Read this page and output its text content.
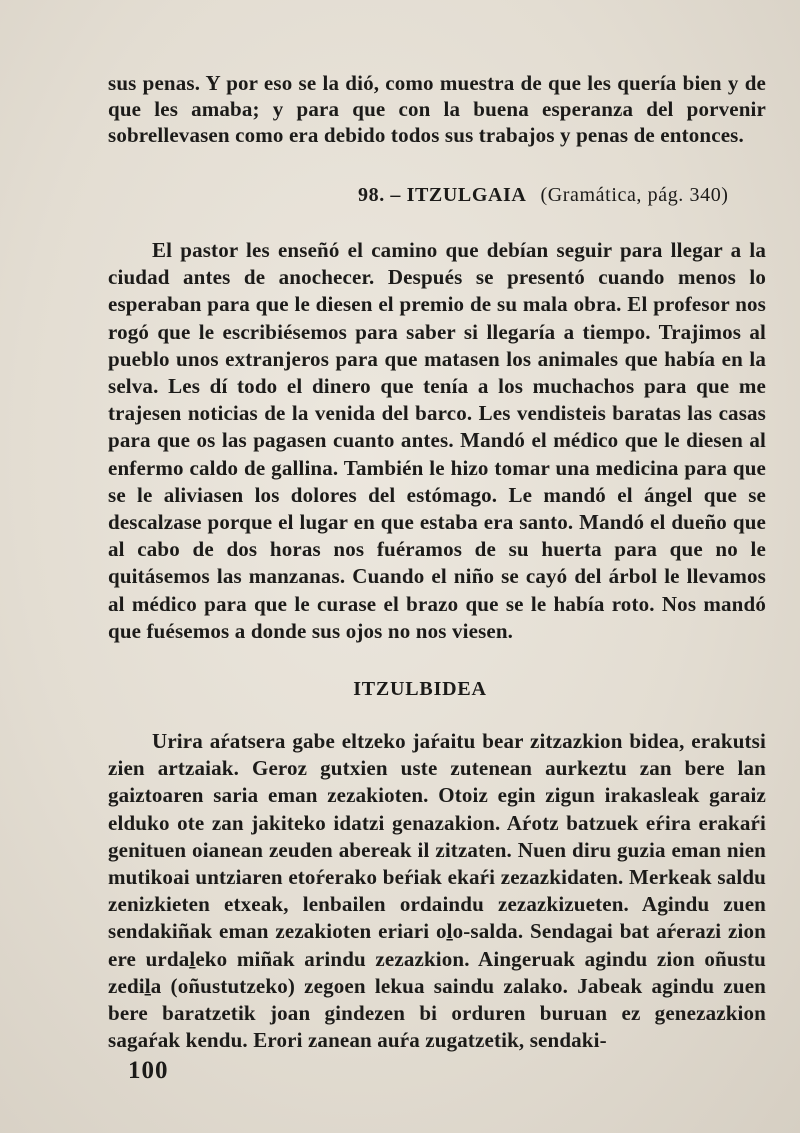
sus penas. Y por eso se la dió, como muestra de que les quería bien y de que les amaba; y para que con la buena esperanza del porvenir sobrellevasen como era debido todos sus trabajos y penas de entonces.

98. – ITZULGAIA (Gramática, pág. 340)

El pastor les enseñó el camino que debían seguir para llegar a la ciudad antes de anochecer. Después se presentó cuando menos lo esperaban para que le diesen el premio de su mala obra. El profesor nos rogó que le escribiésemos para saber si llegaría a tiempo. Trajimos al pueblo unos extranjeros para que matasen los animales que había en la selva. Les dí todo el dinero que tenía a los muchachos para que me trajesen noticias de la venida del barco. Les vendisteis baratas las casas para que os las pagasen cuanto antes. Mandó el médico que le diesen al enfermo caldo de gallina. También le hizo tomar una medicina para que se le aliviasen los dolores del estómago. Le mandó el ángel que se descalzase porque el lugar en que estaba era santo. Mandó el dueño que al cabo de dos horas nos fuéramos de su huerta para que no le quitásemos las manzanas. Cuando el niño se cayó del árbol le llevamos al médico para que le curase el brazo que se le había roto. Nos mandó que fuésemos a donde sus ojos no nos viesen.

ITZULBIDEA

Urira aŕatsera gabe eltzeko jaŕaitu bear zitzazkion bidea, erakutsi zien artzaiak. Geroz gutxien uste zutenean aurkeztu zan bere lan gaiztoaren saria eman zezakioten. Otoiz egin zigun irakasleak garaiz elduko ote zan jakiteko idatzi genazakion. Aŕotz batzuek eŕira erakaŕi genituen oianean zeuden abereak il zitzaten. Nuen diru guzia eman nien mutikoai untziaren etoŕerako beŕiak ekaŕi zezazkidaten. Merkeak saldu zenizkieten etxeak, lenbailen ordaindu zezazkizueten. Agindu zuen sendakiñak eman zezakioten eriari oḻo-salda. Sendagai bat aŕerazi zion ere urdaḻeko miñak arindu zezazkion. Aingeruak agindu zion oñustu zediḻa (oñustutzeko) zegoen lekua saindu zalako. Jabeak agindu zuen bere baratzetik joan gindezen bi orduren buruan ez genezazkion sagaŕak kendu. Erori zanean auŕa zugatzetik, sendaki-

100
